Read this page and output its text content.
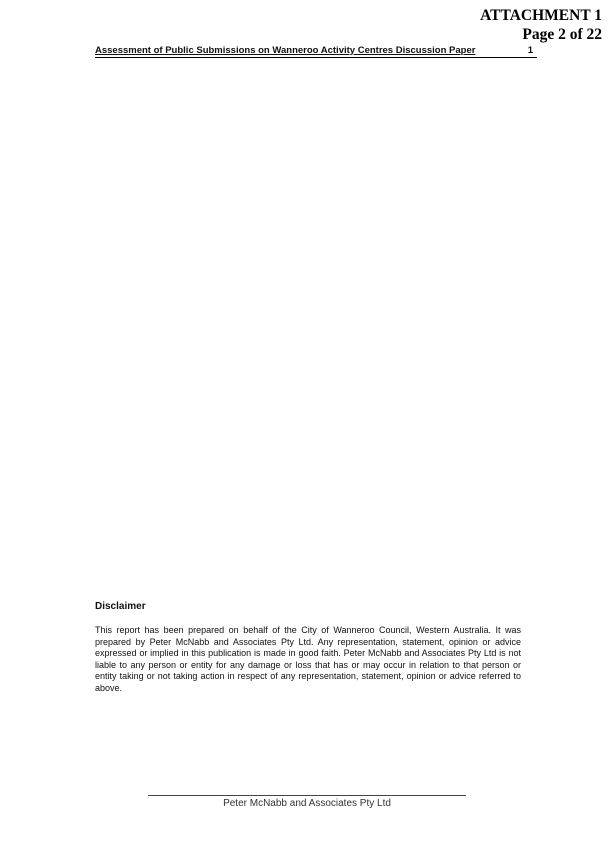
ATTACHMENT 1
Page 2 of 22
Assessment of Public Submissions on Wanneroo Activity Centres Discussion Paper	1
Disclaimer

This report has been prepared on behalf of the City of Wanneroo Council, Western Australia. It was prepared by Peter McNabb and Associates Pty Ltd. Any representation, statement, opinion or advice expressed or implied in this publication is made in good faith. Peter McNabb and Associates Pty Ltd is not liable to any person or entity for any damage or loss that has or may occur in relation to that person or entity taking or not taking action in respect of any representation, statement, opinion or advice referred to above.

Peter McNabb and Associates Pty Ltd
